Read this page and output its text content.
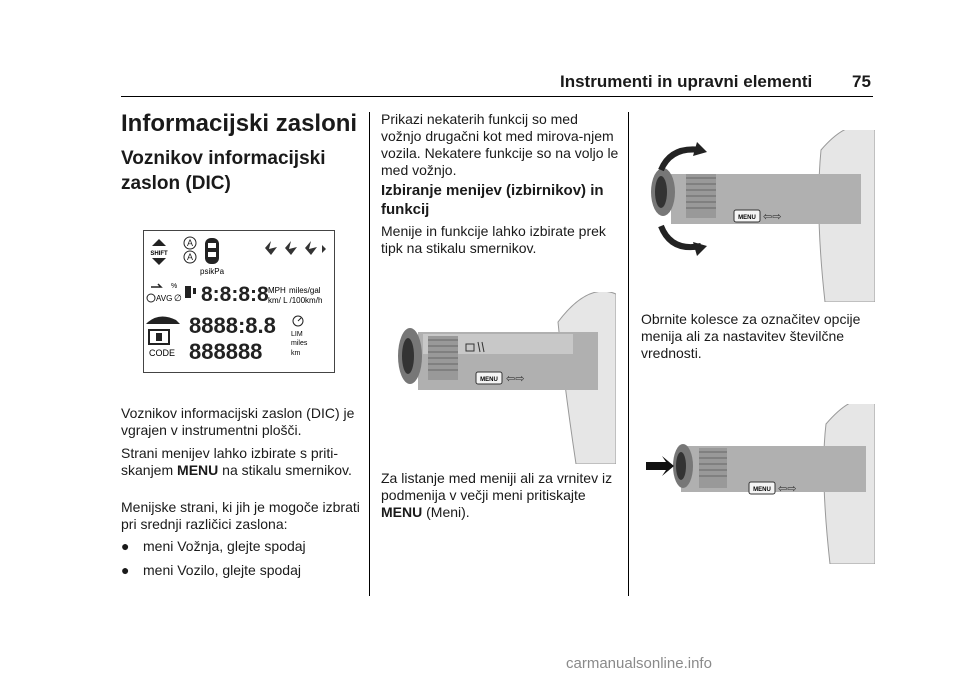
Instrumenti in upravni elementi 75
Informacijski zasloni
Voznikov informacijski zaslon (DIC)
SHIFT
A
A
psikPa
%
AVG ∅ 8:8:8:8 MPH miles/gal
km/ L /100km/h
CODE
8888:8.8
888888
LIM
miles
km

Voznikov informacijski zaslon (DIC) je vgrajen v instrumentni plošči.

Strani menijev lahko izbirate s priti-skanjem MENU na stikalu smernikov.

Menijske strani, ki jih je mogoče izbrati pri srednji različici zaslona:

● meni Vožnja, glejte spodaj
● meni Vozilo, glejte spodaj

Prikazi nekaterih funkcij so med vožnjo drugačni kot med mirova-njem vozila. Nekatere funkcije so na voljo le med vožnjo.

Izbiranje menijev (izbirnikov) in funkcij

Menije in funkcije lahko izbirate prek tipk na stikalu smernikov.

MENU ⇦⇨

Za listanje med meniji ali za vrnitev iz podmenija v večji meni pritiskajte MENU (Meni).

MENU ⇦⇨

Obrnite kolesce za označitev opcije menija ali za nastavitev številčne vrednosti.

MENU ⇦⇨
carmanualsonline.info
